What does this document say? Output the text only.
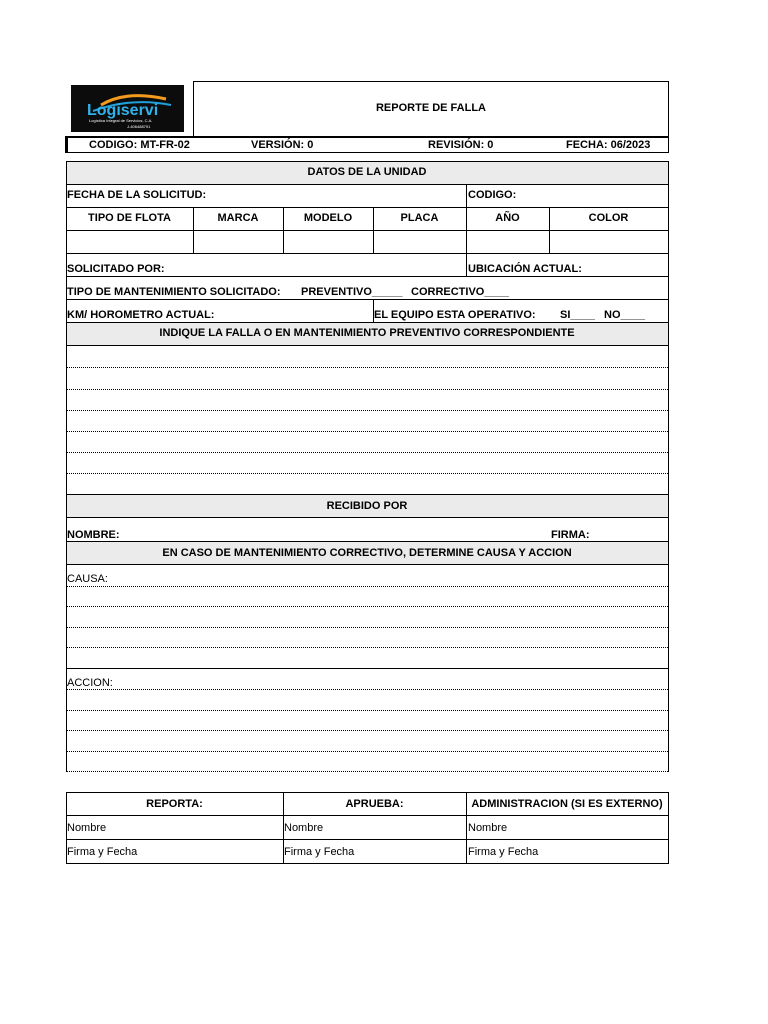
Logiservi
Logística Integral de Servicios, C.A.
J-406488791
REPORTE DE FALLA
CODIGO: MT-FR-02	VERSIÓN: 0	REVISIÓN: 0	FECHA: 06/2023
DATOS DE LA UNIDAD
FECHA DE LA SOLICITUD:	CODIGO:
TIPO DE FLOTA	MARCA	MODELO	PLACA	AÑO	COLOR
SOLICITADO POR:	UBICACIÓN ACTUAL:
TIPO DE MANTENIMIENTO SOLICITADO: PREVENTIVO_____ CORRECTIVO____
KM/ HOROMETRO ACTUAL:	EL EQUIPO ESTA OPERATIVO: SI____ NO____
INDIQUE LA FALLA O EN MANTENIMIENTO PREVENTIVO CORRESPONDIENTE
RECIBIDO POR
NOMBRE:	FIRMA:
EN CASO DE MANTENIMIENTO CORRECTIVO, DETERMINE CAUSA Y ACCION
CAUSA:
ACCION:
REPORTA:	APRUEBA:	ADMINISTRACION (SI ES EXTERNO)
Nombre	Nombre	Nombre
Firma y Fecha	Firma y Fecha	Firma y Fecha
